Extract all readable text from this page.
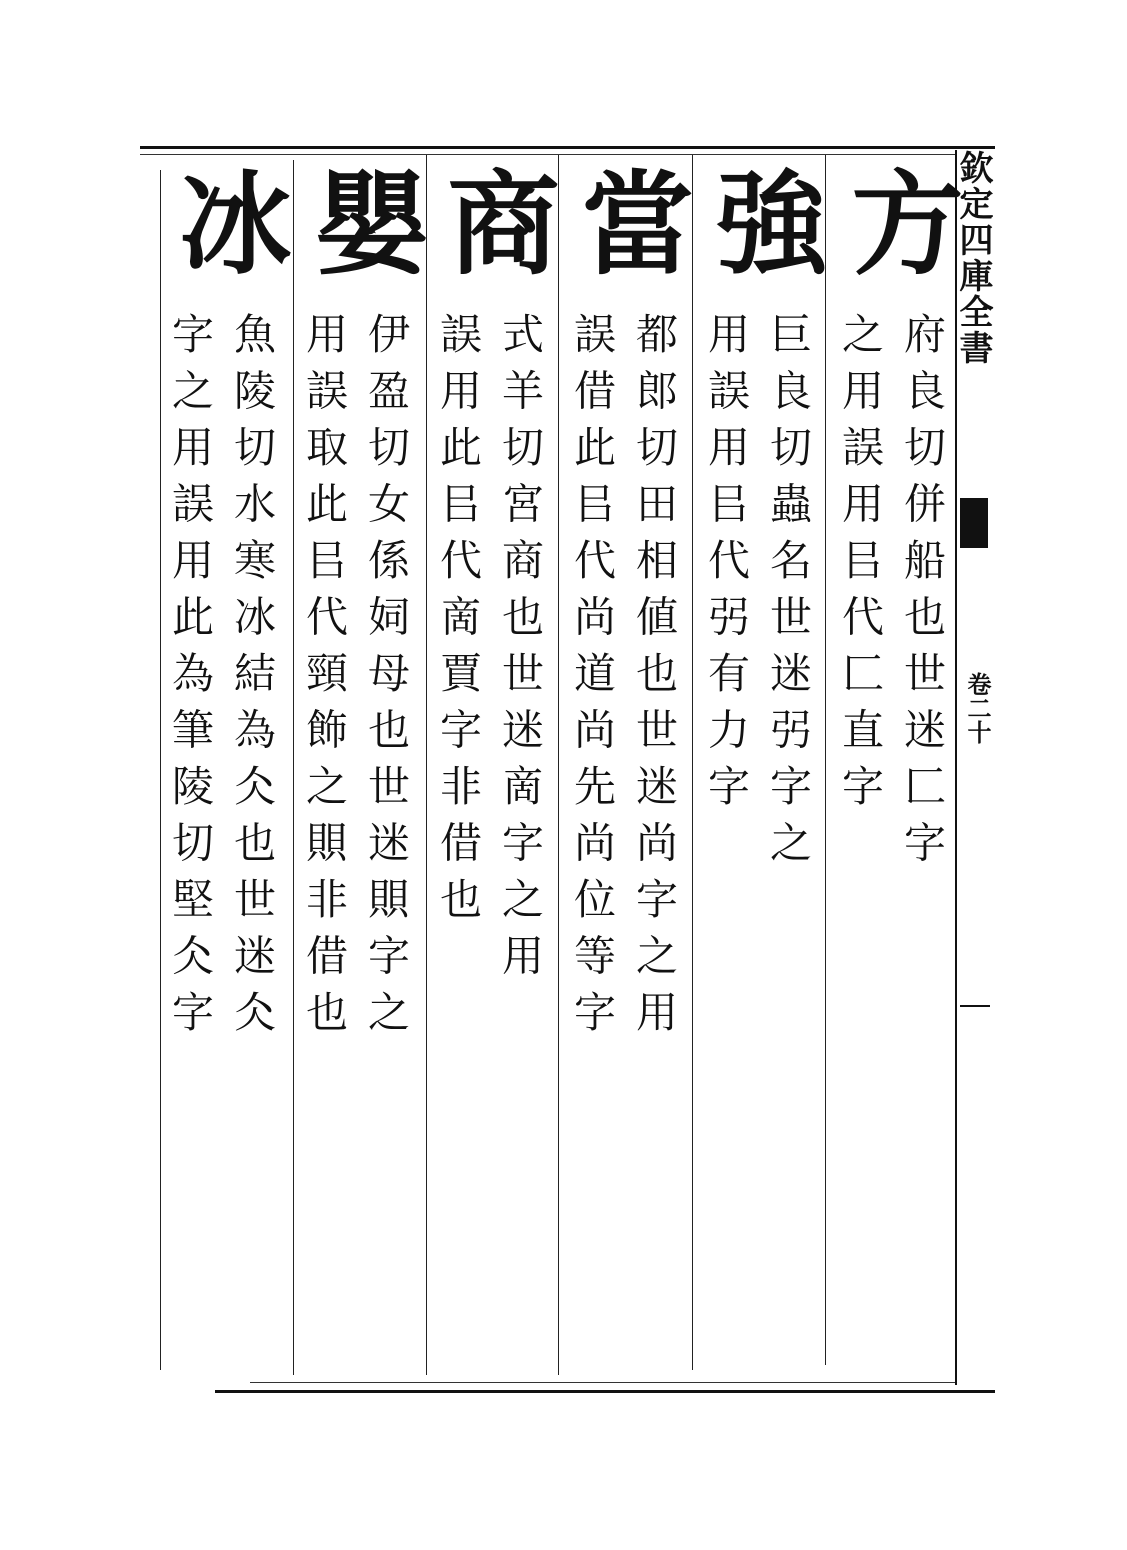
欽定四庫全書
卷二十
方
府良切併船也世迷匚字
之用誤用㠯代匚直字
強
巨良切蟲名世迷弜字之
用誤用㠯代弜有力字
當
都郎切田相値也世迷尚字之用
誤借此㠯代尚道尚先尚位等字
商
式羊切宮商也世迷啇字之用
誤用此㠯代啇賈字非借也
嬰
伊盈切女係㚸母也世迷賏字之
用誤取此㠯代頸飾之賏非借也
冰
魚陵切水寒冰結為仌也世迷仌
字之用誤用此為筆陵切堅仌字
